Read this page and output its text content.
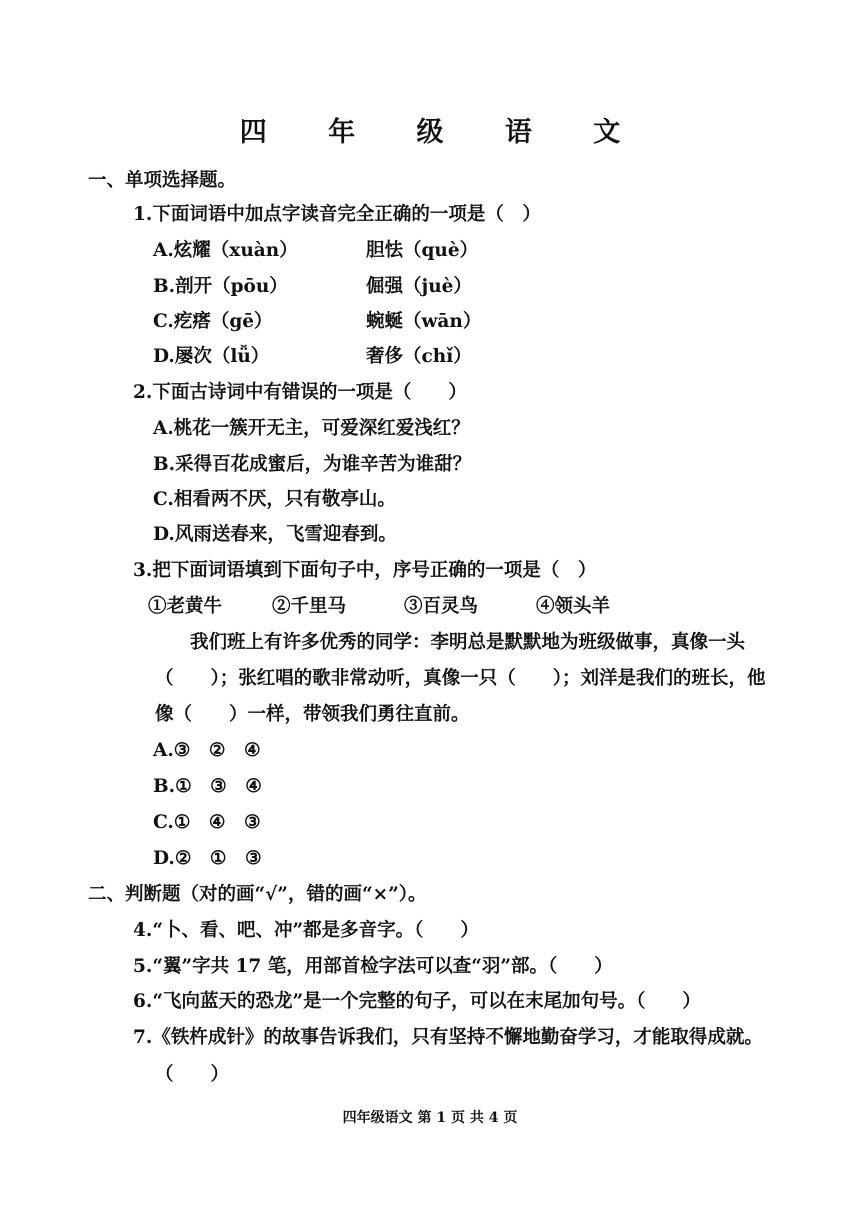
四 年 级 语 文
一、单项选择题。
1.下面词语中加点字读音完全正确的一项是（　）
A.炫耀（xuàn）	胆怯（què）
B.剖开（pōu）	倔强（juè）
C.疙瘩（gē）	蜿蜒（wān）
D.屡次（lǚ）	奢侈（chǐ）
2.下面古诗词中有错误的一项是（　　）
A.桃花一簇开无主，可爱深红爱浅红？
B.采得百花成蜜后，为谁辛苦为谁甜？
C.相看两不厌，只有敬亭山。
D.风雨送春来，飞雪迎春到。
3.把下面词语填到下面句子中，序号正确的一项是（　）
①老黄牛	②千里马	③百灵鸟	④领头羊
我们班上有许多优秀的同学：李明总是默默地为班级做事，真像一头
（　　）；张红唱的歌非常动听，真像一只（　　）；刘洋是我们的班长，他
像（　　）一样，带领我们勇往直前。
A.③　②　④
B.①　③　④
C.①　④　③
D.②　①　③
二、判断题（对的画“√”，错的画“×”）。
4.“卜、看、吧、冲”都是多音字。（　　）
5.“翼”字共 17 笔，用部首检字法可以查“羽”部。（　　）
6.“飞向蓝天的恐龙”是一个完整的句子，可以在末尾加句号。（　　）
7.《铁杵成针》的故事告诉我们，只有坚持不懈地勤奋学习，才能取得成就。
（　　）
四年级语文 第 1 页 共 4 页
